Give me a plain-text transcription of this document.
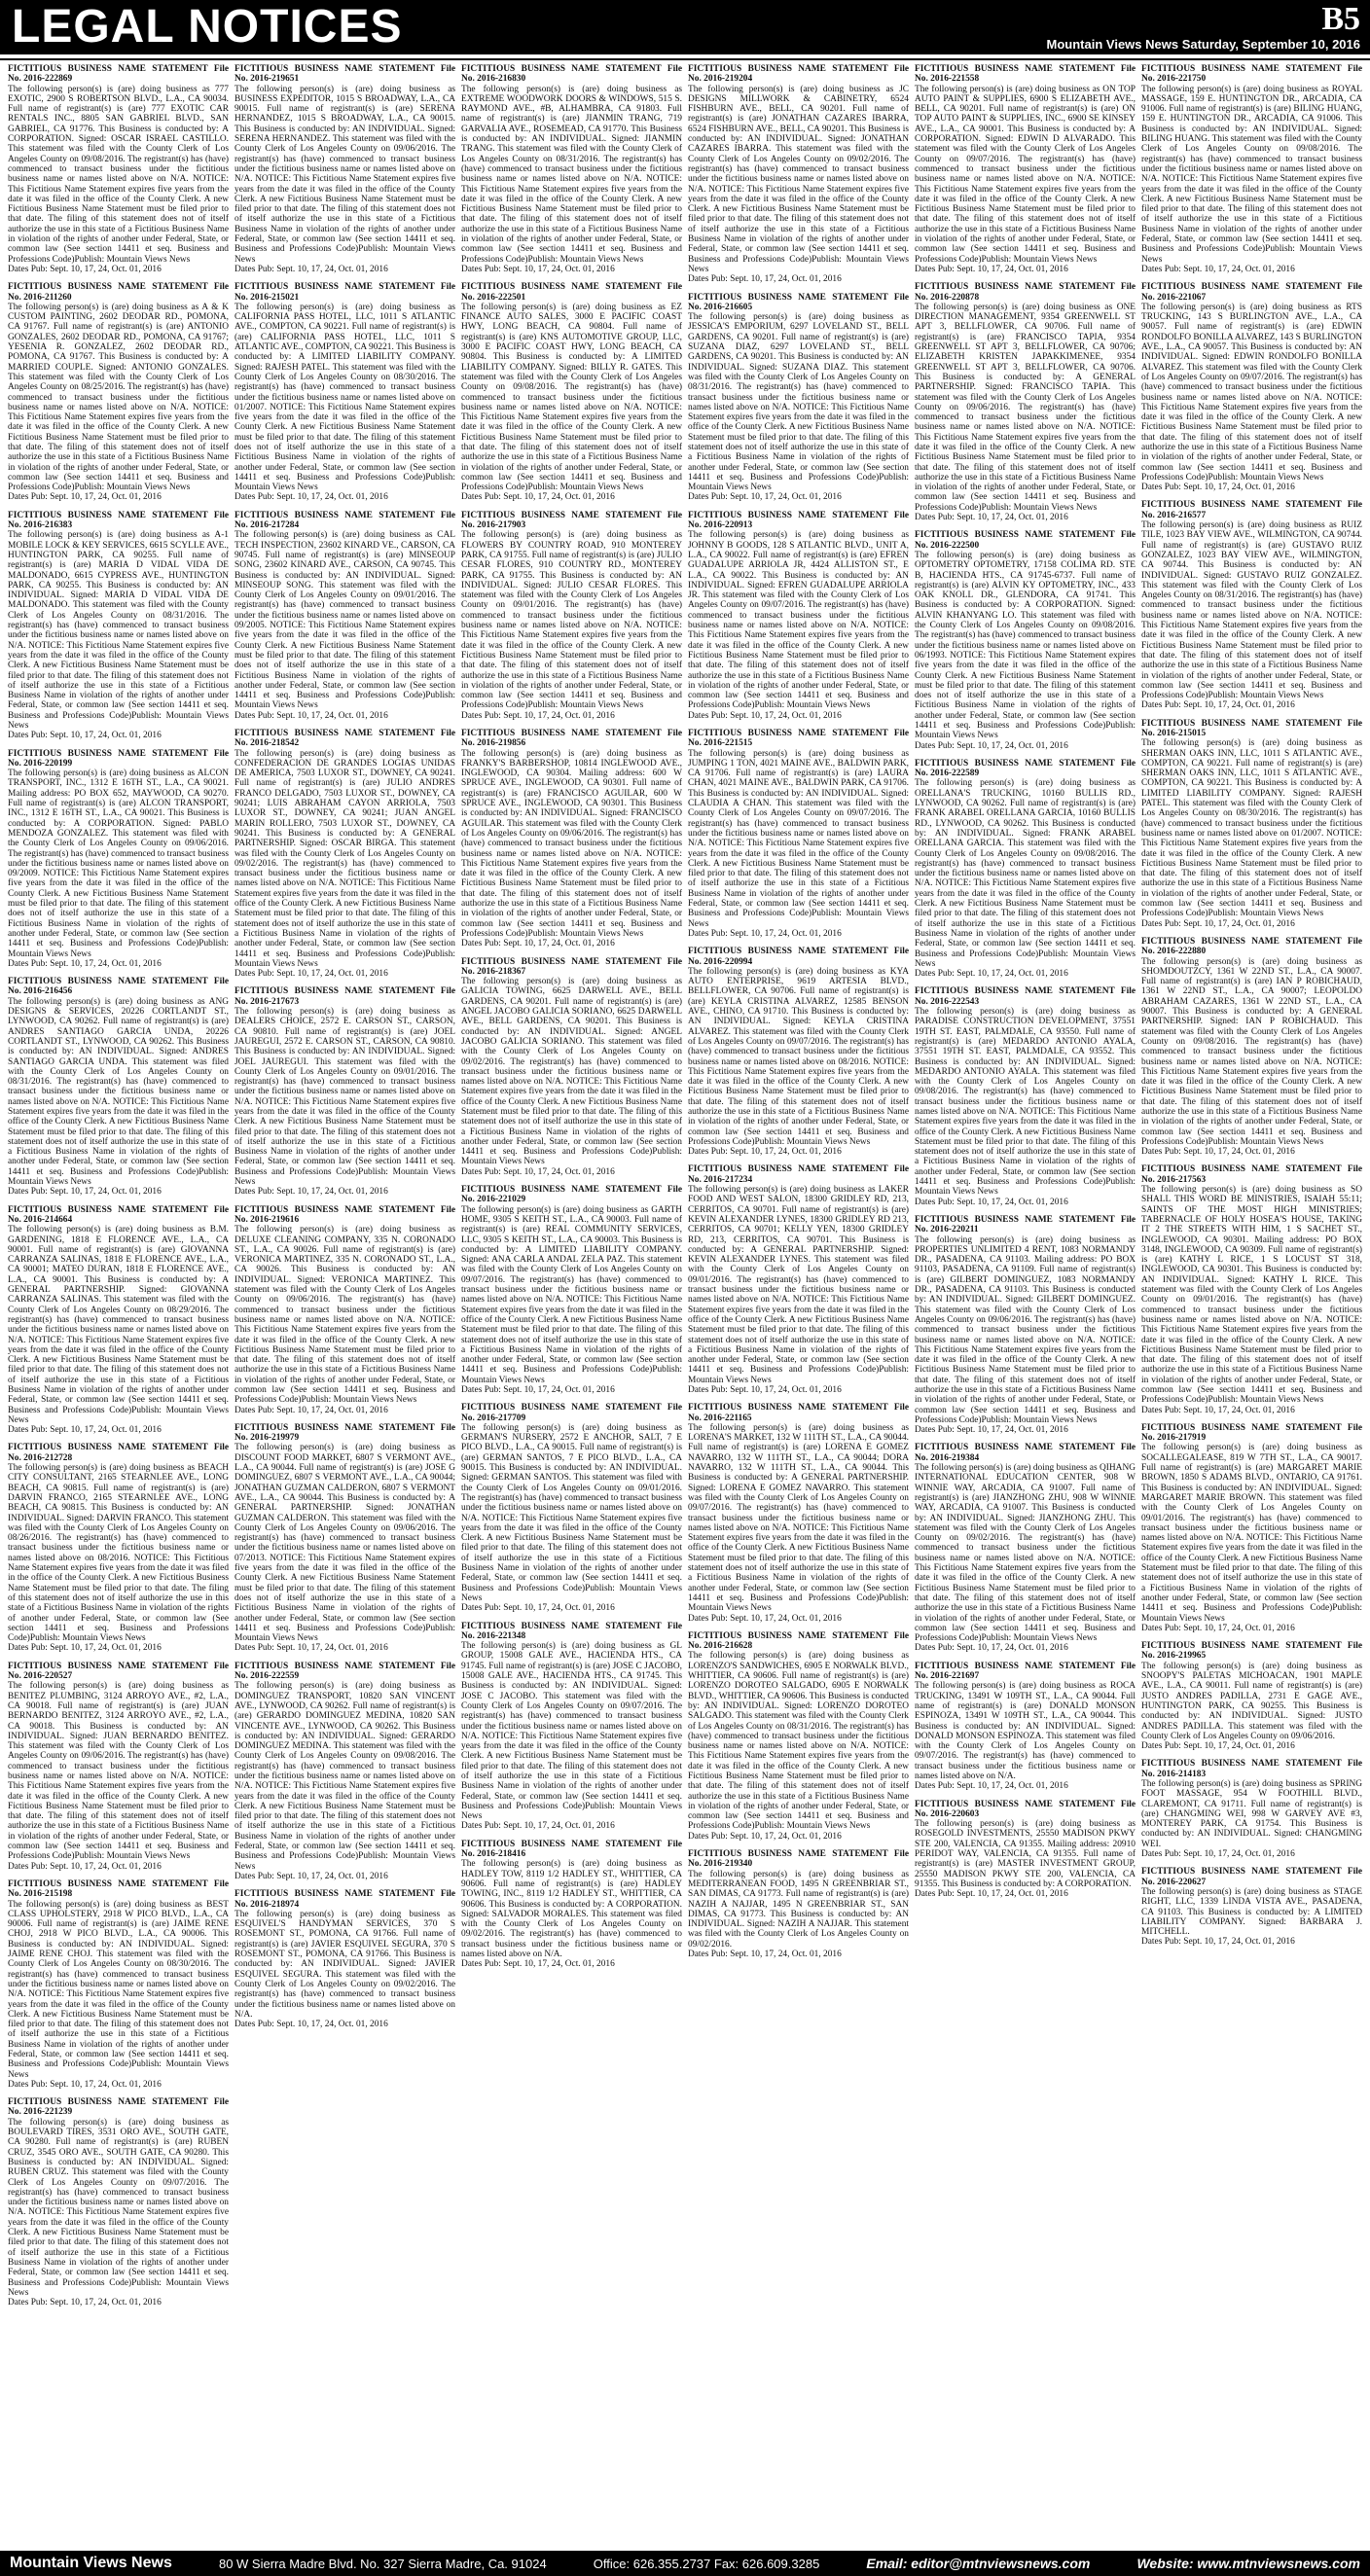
LEGAL NOTICES	B5
Mountain Views News Saturday, September 10, 2016
FICTITIOUS BUSINESS NAME STATEMENT File No. 2016-222869
The following person(s) is (are) doing business as 777 EXOTIC, 2900 S ROBERTSON BLVD., L.A., CA 90034. Full name of registrant(s) is (are) 777 EXOTIC CAR RENTALS INC., 8805 SAN GABRIEL BLVD., SAN GABRIEL, CA 91776. This Business is conducted by: A CORPORATION. Signed: OSCAR ISRAEL CASTILLO. This statement was filed with the County Clerk of Los Angeles County on 09/08/2016. The registrant(s) has (have) commenced to transact business under the fictitious business name or names listed above on N/A. NOTICE: This Fictitious Name Statement expires five years from the date it was filed in the office of the County Clerk. A new Fictitious Business Name Statement must be filed prior to that date. The filing of this statement does not of itself authorize the use in this state of a Fictitious Business Name in violation of the rights of another under Federal, State, or common law (See section 14411 et seq. Business and Professions Code)Publish: Mountain Views News
Dates Pub: Sept. 10, 17, 24, Oct. 01, 2016
FICTITIOUS BUSINESS NAME STATEMENT File No. 2016-211260
The following person(s) is (are) doing business as A & K CUSTOM PAINTING, 2602 DEODAR RD., POMONA, CA 91767. Full name of registrant(s) is (are) ANTONIO GONZALES, 2602 DEODAR RD., POMONA, CA 91767; YESENIA R. GONZALEZ, 2602 DEODAR RD., POMONA, CA 91767. This Business is conducted by: A MARRIED COUPLE. Signed: ANTONIO GONZALES. This statement was filed with the County Clerk of Los Angeles County on 08/25/2016. The registrant(s) has (have) commenced to transact business under the fictitious business name or names listed above on N/A. NOTICE: This Fictitious Name Statement expires five years from the date it was filed in the office of the County Clerk. A new Fictitious Business Name Statement must be filed prior to that date. The filing of this statement does not of itself authorize the use in this state of a Fictitious Business Name in violation of the rights of another under Federal, State, or common law (See section 14411 et seq. Business and Professions Code)Publish: Mountain Views News
Dates Pub: Sept. 10, 17, 24, Oct. 01, 2016
FICTITIOUS BUSINESS NAME STATEMENT File No. 2016-216383
The following person(s) is (are) doing business as A-1 MOBILE LOCK & KEY SERVICES, 6615 SCYLLE AVE., HUNTINGTON PARK, CA 90255. Full name of registrant(s) is (are) MARIA D VIDAL VIDA DE MALDONADO, 6615 CYPRESS AVE., HUNTINGTON PARK, CA 90255. This Business is conducted by: AN INDIVIDUAL. Signed: MARIA D VIDAL VIDA DE MALDONADO. This statement was filed with the County Clerk of Los Angeles County on 08/31/2016. The registrant(s) has (have) commenced to transact business under the fictitious business name or names listed above on N/A. NOTICE: This Fictitious Name Statement expires five years from the date it was filed in the office of the County Clerk. A new Fictitious Business Name Statement must be filed prior to that date. The filing of this statement does not of itself authorize the use in this state of a Fictitious Business Name in violation of the rights of another under Federal, State, or common law (See section 14411 et seq. Business and Professions Code)Publish: Mountain Views News
Dates Pub: Sept. 10, 17, 24, Oct. 01, 2016
FICTITIOUS BUSINESS NAME STATEMENT File No. 2016-220199
The following person(s) is (are) doing business as ALCON TRANSPORT, INC., 1312 E 16TH ST., L.A., CA 90021. Mailing address: PO BOX 652, MAYWOOD, CA 90270. Full name of registrant(s) is (are) ALCON TRANSPORT, INC., 1312 E 16TH ST., L.A., CA 90021. This Business is conducted by: A CORPORATION. Signed: PABLO MENDOZA GONZALEZ. This statement was filed with the County Clerk of Los Angeles County on 09/06/2016. The registrant(s) has (have) commenced to transact business under the fictitious business name or names listed above on 09/2009. NOTICE: This Fictitious Name Statement expires five years from the date it was filed in the office of the County Clerk. A new Fictitious Business Name Statement must be filed prior to that date. The filing of this statement does not of itself authorize the use in this state of a Fictitious Business Name in violation of the rights of another under Federal, State, or common law (See section 14411 et seq. Business and Professions Code)Publish: Mountain Views News
Dates Pub: Sept. 10, 17, 24, Oct. 01, 2016
FICTITIOUS BUSINESS NAME STATEMENT File No. 2016-216456
The following person(s) is (are) doing business as ANG DESIGNS & SERVICES, 20226 CORTLANDT ST., LYNWOOD, CA 90262. Full name of registrant(s) is (are) ANDRES SANTIAGO GARCIA UNDA, 20226 CORTLANDT ST., LYNWOOD, CA 90262. This Business is conducted by: AN INDIVIDUAL. Signed: ANDRES SANTIAGO GARCIA UNDA. This statement was filed with the County Clerk of Los Angeles County on 08/31/2016. The registrant(s) has (have) commenced to transact business under the fictitious business name or names listed above on N/A. NOTICE: This Fictitious Name Statement expires five years from the date it was filed in the office of the County Clerk. A new Fictitious Business Name Statement must be filed prior to that date. The filing of this statement does not of itself authorize the use in this state of a Fictitious Business Name in violation of the rights of another under Federal, State, or common law (See section 14411 et seq. Business and Professions Code)Publish: Mountain Views News
Dates Pub: Sept. 10, 17, 24, Oct. 01, 2016
FICTITIOUS BUSINESS NAME STATEMENT File No. 2016-214664
The following person(s) is (are) doing business as B.M. GARDENING, 1818 E FLORENCE AVE., L.A., CA 90001. Full name of registrant(s) is (are) GIOVANNA CARRANZA SALINAS, 1818 E FLORENCE AVE., L.A., CA 90001; MATEO DURAN, 1818 E FLORENCE AVE., L.A., CA 90001. This Business is conducted by: A GENERAL PARTNERSHIP. Signed: GIOVANNA CARRANZA SALINAS. This statement was filed with the County Clerk of Los Angeles County on 08/29/2016. The registrant(s) has (have) commenced to transact business under the fictitious business name or names listed above on N/A. NOTICE: This Fictitious Name Statement expires five years from the date it was filed in the office of the County Clerk. A new Fictitious Business Name Statement must be filed prior to that date. The filing of this statement does not of itself authorize the use in this state of a Fictitious Business Name in violation of the rights of another under Federal, State, or common law (See section 14411 et seq. Business and Professions Code)Publish: Mountain Views News
Dates Pub: Sept. 10, 17, 24, Oct. 01, 2016
FICTITIOUS BUSINESS NAME STATEMENT File No. 2016-212728
The following person(s) is (are) doing business as BEACH CITY CONSULTANT, 2165 STEARNLEE AVE., LONG BEACH, CA 90815. Full name of registrant(s) is (are) DARVIN FRANCO, 2165 STEARNLEE AVE., LONG BEACH, CA 90815. This Business is conducted by: AN INDIVIDUAL. Signed: DARVIN FRANCO. This statement was filed with the County Clerk of Los Angeles County on 08/26/2016. The registrant(s) has (have) commenced to transact business under the fictitious business name or names listed above on 08/2016. NOTICE: This Fictitious Name Statement expires five years from the date it was filed in the office of the County Clerk. A new Fictitious Business Name Statement must be filed prior to that date. The filing of this statement does not of itself authorize the use in this state of a Fictitious Business Name in violation of the rights of another under Federal, State, or common law (See section 14411 et seq. Business and Professions Code)Publish: Mountain Views News
Dates Pub: Sept. 10, 17, 24, Oct. 01, 2016
FICTITIOUS BUSINESS NAME STATEMENT File No. 2016-220527
The following person(s) is (are) doing business as BENITEZ PLUMBING, 3124 ARROYO AVE., #2, L.A., CA 90018. Full name of registrant(s) is (are) JUAN BERNARDO BENITEZ, 3124 ARROYO AVE., #2, L.A., CA 90018. This Business is conducted by: AN INDIVIDUAL. Signed: JUAN BERNARDO BENITEZ. This statement was filed with the County Clerk of Los Angeles County on 09/06/2016. The registrant(s) has (have) commenced to transact business under the fictitious business name or names listed above on N/A. NOTICE: This Fictitious Name Statement expires five years from the date it was filed in the office of the County Clerk. A new Fictitious Business Name Statement must be filed prior to that date. The filing of this statement does not of itself authorize the use in this state of a Fictitious Business Name in violation of the rights of another under Federal, State, or common law (See section 14411 et seq. Business and Professions Code)Publish: Mountain Views News
Dates Pub: Sept. 10, 17, 24, Oct. 01, 2016
FICTITIOUS BUSINESS NAME STATEMENT File No. 2016-215198
The following person(s) is (are) doing business as BEST CLASS UPHOLSTERY, 2918 W PICO BLVD., L.A., CA 90006. Full name of registrant(s) is (are) JAIME RENE CHOJ, 2918 W PICO BLVD., L.A., CA 90006. This Business is conducted by: AN INDIVIDUAL. Signed: JAIME RENE CHOJ. This statement was filed with the County Clerk of Los Angeles County on 08/30/2016. The registrant(s) has (have) commenced to transact business under the fictitious business name or names listed above on N/A. NOTICE: This Fictitious Name Statement expires five years from the date it was filed in the office of the County Clerk. A new Fictitious Business Name Statement must be filed prior to that date. The filing of this statement does not of itself authorize the use in this state of a Fictitious Business Name in violation of the rights of another under Federal, State, or common law (See section 14411 et seq. Business and Professions Code)Publish: Mountain Views News
Dates Pub: Sept. 10, 17, 24, Oct. 01, 2016
FICTITIOUS BUSINESS NAME STATEMENT File No. 2016-221239
The following person(s) is (are) doing business as BOULEVARD TIRES, 3531 ORO AVE., SOUTH GATE, CA 90280. Full name of registrant(s) is (are) RUBEN CRUZ, 3545 ORO AVE., SOUTH GATE, CA 90280. This Business is conducted by: AN INDIVIDUAL. Signed: RUBEN CRUZ. This statement was filed with the County Clerk of Los Angeles County on 09/07/2016. The registrant(s) has (have) commenced to transact business under the fictitious business name or names listed above on N/A. NOTICE: This Fictitious Name Statement expires five years from the date it was filed in the office of the County Clerk. A new Fictitious Business Name Statement must be filed prior to that date. The filing of this statement does not of itself authorize the use in this state of a Fictitious Business Name in violation of the rights of another under Federal, State, or common law (See section 14411 et seq. Business and Professions Code)Publish: Mountain Views News
Dates Pub: Sept. 10, 17, 24, Oct. 01, 2016
FICTITIOUS BUSINESS NAME STATEMENT File No. 2016-219651
The following person(s) is (are) doing business as BUSINESS EXPEDITOR, 1015 S BROADWAY, L.A., CA 90015. Full name of registrant(s) is (are) SERENA HERNANDEZ, 1015 S BROADWAY, L.A., CA 90015. This Business is conducted by: AN INDIVIDUAL. Signed: SERENA HERNANDEZ. This statement was filed with the County Clerk of Los Angeles County on 09/06/2016. The registrant(s) has (have) commenced to transact business under the fictitious business name or names listed above on N/A. NOTICE: This Fictitious Name Statement expires five years from the date it was filed in the office of the County Clerk. A new Fictitious Business Name Statement must be filed prior to that date. The filing of this statement does not of itself authorize the use in this state of a Fictitious Business Name in violation of the rights of another under Federal, State, or common law (See section 14411 et seq. Business and Professions Code)Publish: Mountain Views News
Dates Pub: Sept. 10, 17, 24, Oct. 01, 2016
FICTITIOUS BUSINESS NAME STATEMENT File No. 2016-215021
The following person(s) is (are) doing business as CALIFORNIA PASS HOTEL, LLC, 1011 S ATLANTIC AVE., COMPTON, CA 90221. Full name of registrant(s) is (are) CALIFORNIA PASS HOTEL, LLC, 1011 S ATLANTIC AVE., COMPTON, CA 90221. This Business is conducted by: A LIMITED LIABILITY COMPANY. Signed: RAJESH PATEL. This statement was filed with the County Clerk of Los Angeles County on 08/30/2016. The registrant(s) has (have) commenced to transact business under the fictitious business name or names listed above on 01/2007. NOTICE: This Fictitious Name Statement expires five years from the date it was filed in the office of the County Clerk. A new Fictitious Business Name Statement must be filed prior to that date. The filing of this statement does not of itself authorize the use in this state of a Fictitious Business Name in violation of the rights of another under Federal, State, or common law (See section 14411 et seq. Business and Professions Code)Publish: Mountain Views News
Dates Pub: Sept. 10, 17, 24, Oct. 01, 2016
FICTITIOUS BUSINESS NAME STATEMENT File No. 2016-217284
The following person(s) is (are) doing business as CAL TECH INSPECTION, 23602 KINARD VE., CARSON, CA 90745. Full name of registrant(s) is (are) MINSEOUP SONG, 23602 KINARD AVE., CARSON, CA 90745. This Business is conducted by: AN INDIVIDUAL. Signed: MINSEOUP SONG. This statement was filed with the County Clerk of Los Angeles County on 09/01/2016. The registrant(s) has (have) commenced to transact business under the fictitious business name or names listed above on 09/2005. NOTICE: This Fictitious Name Statement expires five years from the date it was filed in the office of the County Clerk. A new Fictitious Business Name Statement must be filed prior to that date. The filing of this statement does not of itself authorize the use in this state of a Fictitious Business Name in violation of the rights of another under Federal, State, or common law (See section 14411 et seq. Business and Professions Code)Publish: Mountain Views News
Dates Pub: Sept. 10, 17, 24, Oct. 01, 2016
FICTITIOUS BUSINESS NAME STATEMENT File No. 2016-218542
The following person(s) is (are) doing business as CONFEDERACION DE GRANDES LOGIAS UNIDAS DE AMERICA, 7503 LUXOR ST., DOWNEY, CA 90241. Full name of registrant(s) is (are) JULIO ANDRES FRANCO DELGADO, 7503 LUXOR ST., DOWNEY, CA 90241; LUIS ABRAHAM CAYON ARRIOLA, 7503 LUXOR ST., DOWNEY, CA 90241; JUAN ANGEL MARIN ROLLERO, 7503 LUXOR ST., DOWNEY, CA 90241. This Business is conducted by: A GENERAL PARTNERSHIP. Signed: OSCAR BIRGA. This statement was filed with the County Clerk of Los Angeles County on 09/02/2016. The registrant(s) has (have) commenced to transact business under the fictitious business name or names listed above on N/A. NOTICE: This Fictitious Name Statement expires five years from the date it was filed in the office of the County Clerk. A new Fictitious Business Name Statement must be filed prior to that date. The filing of this statement does not of itself authorize the use in this state of a Fictitious Business Name in violation of the rights of another under Federal, State, or common law (See section 14411 et seq. Business and Professions Code)Publish: Mountain Views News
Dates Pub: Sept. 10, 17, 24, Oct. 01, 2016
FICTITIOUS BUSINESS NAME STATEMENT File No. 2016-217673
The following person(s) is (are) doing business as DEALERS CHOICE, 2572 E. CARSON ST., CARSON, CA 90810. Full name of registrant(s) is (are) JOEL JAUREGUI, 2572 E. CARSON ST., CARSON, CA 90810. This Business is conducted by: AN INDIVIDUAL. Signed: JOEL JAUREGUI. This statement was filed with the County Clerk of Los Angeles County on 09/01/2016. The registrant(s) has (have) commenced to transact business under the fictitious business name or names listed above on N/A. NOTICE: This Fictitious Name Statement expires five years from the date it was filed in the office of the County Clerk. A new Fictitious Business Name Statement must be filed prior to that date. The filing of this statement does not of itself authorize the use in this state of a Fictitious Business Name in violation of the rights of another under Federal, State, or common law (See section 14411 et seq. Business and Professions Code)Publish: Mountain Views News
Dates Pub: Sept. 10, 17, 24, Oct. 01, 2016
FICTITIOUS BUSINESS NAME STATEMENT File No. 2016-219616
The following person(s) is (are) doing business as DELUXE CLEANING COMPANY, 335 N. CORONADO ST., L.A., CA 90026. Full name of registrant(s) is (are) VERONICA MARTINEZ, 335 N. CORONADO ST., L.A., CA 90026. This Business is conducted by: AN INDIVIDUAL. Signed: VERONICA MARTINEZ. This statement was filed with the County Clerk of Los Angeles County on 09/06/2016. The registrant(s) has (have) commenced to transact business under the fictitious business name or names listed above on N/A. NOTICE: This Fictitious Name Statement expires five years from the date it was filed in the office of the County Clerk. A new Fictitious Business Name Statement must be filed prior to that date. The filing of this statement does not of itself authorize the use in this state of a Fictitious Business Name in violation of the rights of another under Federal, State, or common law (See section 14411 et seq. Business and Professions Code)Publish: Mountain Views News
Dates Pub: Sept. 10, 17, 24, Oct. 01, 2016
FICTITIOUS BUSINESS NAME STATEMENT File No. 2016-219979
The following person(s) is (are) doing business as DISCOUNT FOOD MARKET, 6807 S VERMONT AVE., L.A., CA 90044. Full name of registrant(s) is (are) JOSE G DOMINGUEZ, 6807 S VERMONT AVE., L.A., CA 90044; JONATHAN GUZMAN CALDERON, 6807 S VERMONT AVE., L.A., CA 90044. This Business is conducted by: A GENERAL PARTNERSHIP. Signed: JONATHAN GUZMAN CALDERON. This statement was filed with the County Clerk of Los Angeles County on 09/06/2016. The registrant(s) has (have) commenced to transact business under the fictitious business name or names listed above on 07/2013. NOTICE: This Fictitious Name Statement expires five years from the date it was filed in the office of the County Clerk. A new Fictitious Business Name Statement must be filed prior to that date. The filing of this statement does not of itself authorize the use in this state of a Fictitious Business Name in violation of the rights of another under Federal, State, or common law (See section 14411 et seq. Business and Professions Code)Publish: Mountain Views News
Dates Pub: Sept. 10, 17, 24, Oct. 01, 2016
FICTITIOUS BUSINESS NAME STATEMENT File No. 2016-222559
The following person(s) is (are) doing business as DOMINGUEZ TRANSPORT, 10820 SAN VINCENT AVE., LYNWOOD, CA 90262. Full name of registrant(s) is (are) GERARDO DOMINGUEZ MEDINA, 10820 SAN VINCENTE AVE., LYNWOOD, CA 90262. This Business is conducted by: AN INDIVIDUAL. Signed: GERARDO DOMINGUEZ MEDINA. This statement was filed with the County Clerk of Los Angeles County on 09/08/2016. The registrant(s) has (have) commenced to transact business under the fictitious business name or names listed above on N/A. NOTICE: This Fictitious Name Statement expires five years from the date it was filed in the office of the County Clerk. A new Fictitious Business Name Statement must be filed prior to that date. The filing of this statement does not of itself authorize the use in this state of a Fictitious Business Name in violation of the rights of another under Federal, State, or common law (See section 14411 et seq. Business and Professions Code)Publish: Mountain Views News
Dates Pub: Sept. 10, 17, 24, Oct. 01, 2016
FICTITIOUS BUSINESS NAME STATEMENT File No. 2016-218974
The following person(s) is (are) doing business as ESQUIVEL'S HANDYMAN SERVICES, 370 S ROSEMONT ST., POMONA, CA 91766. Full name of registrant(s) is (are) JAVIER ESQUIVEL SEGURA, 370 S ROSEMONT ST., POMONA, CA 91766. This Business is conducted by: AN INDIVIDUAL. Signed: JAVIER ESQUIVEL SEGURA. This statement was filed with the County Clerk of Los Angeles County on 09/02/2016. The registrant(s) has (have) commenced to transact business under the fictitious business name or names listed above on N/A.
Dates Pub: Sept. 10, 17, 24, Oct. 01, 2016
FICTITIOUS BUSINESS NAME STATEMENT File No. 2016-216830
The following person(s) is (are) doing business as EXTREME WOODWORK DOORS & WINDOWS, 515 S. RAYMOND AVE., #B, ALHAMBRA, CA 91803. Full name of registrant(s) is (are) JIANMIN TRANG, 719 GARVALIA AVE., ROSEMEAD, CA 91770. This Business is conducted by: AN INDIVIDUAL. Signed: JIANMIN TRANG. This statement was filed with the County Clerk of Los Angeles County on 08/31/2016. The registrant(s) has (have) commenced to transact business under the fictitious business name or names listed above on N/A. NOTICE: This Fictitious Name Statement expires five years from the date it was filed in the office of the County Clerk. A new Fictitious Business Name Statement must be filed prior to that date. The filing of this statement does not of itself authorize the use in this state of a Fictitious Business Name in violation of the rights of another under Federal, State, or common law (See section 14411 et seq. Business and Professions Code)Publish: Mountain Views News
Dates Pub: Sept. 10, 17, 24, Oct. 01, 2016
FICTITIOUS BUSINESS NAME STATEMENT File No. 2016-222501
The following person(s) is (are) doing business as EZ FINANCE AUTO SALES, 3000 E PACIFIC COAST HWY, LONG BEACH, CA 90804. Full name of registrant(s) is (are) KNS AUTOMOTIVE GROUP, LLC, 3000 E PACIFIC COAST HWY, LONG BEACH, CA 90804. This Business is conducted by: A LIMITED LIABILITY COMPANY. Signed: BILLY R. GATES. This statement was filed with the County Clerk of Los Angeles County on 09/08/2016. The registrant(s) has (have) commenced to transact business under the fictitious business name or names listed above on N/A. NOTICE: This Fictitious Name Statement expires five years from the date it was filed in the office of the County Clerk. A new Fictitious Business Name Statement must be filed prior to that date. The filing of this statement does not of itself authorize the use in this state of a Fictitious Business Name in violation of the rights of another under Federal, State, or common law (See section 14411 et seq. Business and Professions Code)Publish: Mountain Views News
Dates Pub: Sept. 10, 17, 24, Oct. 01, 2016
FICTITIOUS BUSINESS NAME STATEMENT File No. 2016-217903
The following person(s) is (are) doing business as FLOWERS BY COUNTRY ROAD, 910 MONTEREY PARK, CA 91755. Full name of registrant(s) is (are) JULIO CESAR FLORES, 910 COUNTRY RD., MONTEREY PARK, CA 91755. This Business is conducted by: AN INDIVIDUAL. Signed: JULIO CESAR FLORES. This statement was filed with the County Clerk of Los Angeles County on 09/01/2016. The registrant(s) has (have) commenced to transact business under the fictitious business name or names listed above on N/A. NOTICE: This Fictitious Name Statement expires five years from the date it was filed in the office of the County Clerk. A new Fictitious Business Name Statement must be filed prior to that date. The filing of this statement does not of itself authorize the use in this state of a Fictitious Business Name in violation of the rights of another under Federal, State, or common law (See section 14411 et seq. Business and Professions Code)Publish: Mountain Views News
Dates Pub: Sept. 10, 17, 24, Oct. 01, 2016
FICTITIOUS BUSINESS NAME STATEMENT File No. 2016-219856
The following person(s) is (are) doing business as FRANKY'S BARBERSHOP, 10814 INGLEWOOD AVE., INGLEWOOD, CA 90304. Mailing address: 600 W SPRUCE AVE., INGLEWOOD, CA 90301. Full name of registrant(s) is (are) FRANCISCO AGUILAR, 600 W SPRUCE AVE., INGLEWOOD, CA 90301. This Business is conducted by: AN INDIVIDUAL. Signed: FRANCISCO AGUILAR. This statement was filed with the County Clerk of Los Angeles County on 09/06/2016. The registrant(s) has (have) commenced to transact business under the fictitious business name or names listed above on N/A. NOTICE: This Fictitious Name Statement expires five years from the date it was filed in the office of the County Clerk. A new Fictitious Business Name Statement must be filed prior to that date. The filing of this statement does not of itself authorize the use in this state of a Fictitious Business Name in violation of the rights of another under Federal, State, or common law (See section 14411 et seq. Business and Professions Code)Publish: Mountain Views News
Dates Pub: Sept. 10, 17, 24, Oct. 01, 2016
FICTITIOUS BUSINESS NAME STATEMENT File No. 2016-218367
The following person(s) is (are) doing business as GALICIA TOWING, 6625 DARWELL AVE., BELL GARDENS, CA 90201. Full name of registrant(s) is (are) ANGEL JACOBO GALICIA SORIANO, 6625 DARWELL AVE., BELL GARDENS, CA 90201. This Business is conducted by: AN INDIVIDUAL. Signed: ANGEL JACOBO GALICIA SORIANO. This statement was filed with the County Clerk of Los Angeles County on 09/02/2016. The registrant(s) has (have) commenced to transact business under the fictitious business name or names listed above on N/A. NOTICE: This Fictitious Name Statement expires five years from the date it was filed in the office of the County Clerk. A new Fictitious Business Name Statement must be filed prior to that date. The filing of this statement does not of itself authorize the use in this state of a Fictitious Business Name in violation of the rights of another under Federal, State, or common law (See section 14411 et seq. Business and Professions Code)Publish: Mountain Views News
Dates Pub: Sept. 10, 17, 24, Oct. 01, 2016
FICTITIOUS BUSINESS NAME STATEMENT File No. 2016-221029
The following person(s) is (are) doing business as GARTH HOME, 9305 S KEITH ST., L.A., CA 90003. Full name of registrant(s) is (are) REAL COMMUNITY SERVICES, LLC, 9305 S KEITH ST., L.A., CA 90003. This Business is conducted by: A LIMITED LIABILITY COMPANY. Signed: ANA CARLA ANDAL ZELA PAZ. This statement was filed with the County Clerk of Los Angeles County on 09/07/2016. The registrant(s) has (have) commenced to transact business under the fictitious business name or names listed above on N/A. NOTICE: This Fictitious Name Statement expires five years from the date it was filed in the office of the County Clerk. A new Fictitious Business Name Statement must be filed prior to that date. The filing of this statement does not of itself authorize the use in this state of a Fictitious Business Name in violation of the rights of another under Federal, State, or common law (See section 14411 et seq. Business and Professions Code)Publish: Mountain Views News
Dates Pub: Sept. 10, 17, 24, Oct. 01, 2016
FICTITIOUS BUSINESS NAME STATEMENT File No. 2016-217709
The following person(s) is (are) doing business as GERMAN'S NURSERY, 2572 E ANCHOR, SALT, 7 E PICO BLVD., L.A., CA 90015. Full name of registrant(s) is (are) GERMAN SANTOS, 7 E PICO BLVD., L.A., CA 90015. This Business is conducted by: AN INDIVIDUAL. Signed: GERMAN SANTOS. This statement was filed with the County Clerk of Los Angeles County on 09/01/2016. The registrant(s) has (have) commenced to transact business under the fictitious business name or names listed above on N/A. NOTICE: This Fictitious Name Statement expires five years from the date it was filed in the office of the County Clerk. A new Fictitious Business Name Statement must be filed prior to that date. The filing of this statement does not of itself authorize the use in this state of a Fictitious Business Name in violation of the rights of another under Federal, State, or common law (See section 14411 et seq. Business and Professions Code)Publish: Mountain Views News
Dates Pub: Sept. 10, 17, 24, Oct. 01, 2016
FICTITIOUS BUSINESS NAME STATEMENT File No. 2016-221348
The following person(s) is (are) doing business as GL GROUP, 15008 GALE AVE., HACIENDA HTS., CA 91745. Full name of registrant(s) is (are) JOSE C JACOBO, 15008 GALE AVE., HACIENDA HTS., CA 91745. This Business is conducted by: AN INDIVIDUAL. Signed: JOSE C JACOBO. This statement was filed with the County Clerk of Los Angeles County on 09/07/2016. The registrant(s) has (have) commenced to transact business under the fictitious business name or names listed above on N/A. NOTICE: This Fictitious Name Statement expires five years from the date it was filed in the office of the County Clerk. A new Fictitious Business Name Statement must be filed prior to that date. The filing of this statement does not of itself authorize the use in this state of a Fictitious Business Name in violation of the rights of another under Federal, State, or common law (See section 14411 et seq. Business and Professions Code)Publish: Mountain Views News
Dates Pub: Sept. 10, 17, 24, Oct. 01, 2016
FICTITIOUS BUSINESS NAME STATEMENT File No. 2016-218416
The following person(s) is (are) doing business as HADLEY TOW, 8119 1/2 HADLEY ST., WHITTIER, CA 90606. Full name of registrant(s) is (are) HADLEY TOWING, INC., 8119 1/2 HADLEY ST., WHITTIER, CA 90606. This Business is conducted by: A CORPORATION. Signed: SALVADOR MORALES. This statement was filed with the County Clerk of Los Angeles County on 09/02/2016. The registrant(s) has (have) commenced to transact business under the fictitious business name or names listed above on N/A.
Dates Pub: Sept. 10, 17, 24, Oct. 01, 2016
FICTITIOUS BUSINESS NAME STATEMENT File No. 2016-219204
The following person(s) is (are) doing business as JC DESIGNS MILLWORK & CABINETRY, 6524 FISHBURN AVE., BELL, CA 90201. Full name of registrant(s) is (are) JONATHAN CAZARES IBARRA, 6524 FISHBURN AVE., BELL, CA 90201. This Business is conducted by: AN INDIVIDUAL. Signed: JONATHAN CAZARES IBARRA. This statement was filed with the County Clerk of Los Angeles County on 09/02/2016. The registrant(s) has (have) commenced to transact business under the fictitious business name or names listed above on N/A. NOTICE: This Fictitious Name Statement expires five years from the date it was filed in the office of the County Clerk. A new Fictitious Business Name Statement must be filed prior to that date. The filing of this statement does not of itself authorize the use in this state of a Fictitious Business Name in violation of the rights of another under Federal, State, or common law (See section 14411 et seq. Business and Professions Code)Publish: Mountain Views News
Dates Pub: Sept. 10, 17, 24, Oct. 01, 2016
FICTITIOUS BUSINESS NAME STATEMENT File No. 2016-216605
The following person(s) is (are) doing business as JESSICA'S EMPORIUM, 6297 LOVELAND ST., BELL GARDENS, CA 90201. Full name of registrant(s) is (are) SUZANA DIAZ, 6297 LOVELAND ST., BELL GARDENS, CA 90201. This Business is conducted by: AN INDIVIDUAL. Signed: SUZANA DIAZ. This statement was filed with the County Clerk of Los Angeles County on 08/31/2016. The registrant(s) has (have) commenced to transact business under the fictitious business name or names listed above on N/A. NOTICE: This Fictitious Name Statement expires five years from the date it was filed in the office of the County Clerk. A new Fictitious Business Name Statement must be filed prior to that date. The filing of this statement does not of itself authorize the use in this state of a Fictitious Business Name in violation of the rights of another under Federal, State, or common law (See section 14411 et seq. Business and Professions Code)Publish: Mountain Views News
Dates Pub: Sept. 10, 17, 24, Oct. 01, 2016
FICTITIOUS BUSINESS NAME STATEMENT File No. 2016-220913
The following person(s) is (are) doing business as JOHNNY B GOODS, 128 S ATLANTIC BLVD., UNIT A, L.A., CA 90022. Full name of registrant(s) is (are) EFREN GUADALUPE ARRIOLA JR, 4424 ALLISTON ST., E L.A., CA 90022. This Business is conducted by: AN INDIVIDUAL. Signed: EFREN GUADALUPE ARRIOLA JR. This statement was filed with the County Clerk of Los Angeles County on 09/07/2016. The registrant(s) has (have) commenced to transact business under the fictitious business name or names listed above on N/A. NOTICE: This Fictitious Name Statement expires five years from the date it was filed in the office of the County Clerk. A new Fictitious Business Name Statement must be filed prior to that date. The filing of this statement does not of itself authorize the use in this state of a Fictitious Business Name in violation of the rights of another under Federal, State, or common law (See section 14411 et seq. Business and Professions Code)Publish: Mountain Views News
Dates Pub: Sept. 10, 17, 24, Oct. 01, 2016
FICTITIOUS BUSINESS NAME STATEMENT File No. 2016-221515
The following person(s) is (are) doing business as JUMPING 1 TON, 4021 MAINE AVE., BALDWIN PARK, CA 91706. Full name of registrant(s) is (are) LAURA CHAN, 4021 MAINE AVE., BALDWIN PARK, CA 91706. This Business is conducted by: AN INDIVIDUAL. Signed: CLAUDIA A CHAN. This statement was filed with the County Clerk of Los Angeles County on 09/07/2016. The registrant(s) has (have) commenced to transact business under the fictitious business name or names listed above on N/A. NOTICE: This Fictitious Name Statement expires five years from the date it was filed in the office of the County Clerk. A new Fictitious Business Name Statement must be filed prior to that date. The filing of this statement does not of itself authorize the use in this state of a Fictitious Business Name in violation of the rights of another under Federal, State, or common law (See section 14411 et seq. Business and Professions Code)Publish: Mountain Views News
Dates Pub: Sept. 10, 17, 24, Oct. 01, 2016
FICTITIOUS BUSINESS NAME STATEMENT File No. 2016-220994
The following person(s) is (are) doing business as KYA AUTO ENTERPRISE, 9619 ARTESIA BLVD., BELLFLOWER, CA 90706. Full name of registrant(s) is (are) KEYLA CRISTINA ALVAREZ, 12585 BENSON AVE., CHINO, CA 91710. This Business is conducted by: AN INDIVIDUAL. Signed: KEYLA CRISTINA ALVAREZ. This statement was filed with the County Clerk of Los Angeles County on 09/07/2016. The registrant(s) has (have) commenced to transact business under the fictitious business name or names listed above on 08/2016. NOTICE: This Fictitious Name Statement expires five years from the date it was filed in the office of the County Clerk. A new Fictitious Business Name Statement must be filed prior to that date. The filing of this statement does not of itself authorize the use in this state of a Fictitious Business Name in violation of the rights of another under Federal, State, or common law (See section 14411 et seq. Business and Professions Code)Publish: Mountain Views News
Dates Pub: Sept. 10, 17, 24, Oct. 01, 2016
FICTITIOUS BUSINESS NAME STATEMENT File No. 2016-217234
The following person(s) is (are) doing business as LAKER FOOD AND WEST SALON, 18300 GRIDLEY RD, 213, CERRITOS, CA 90701. Full name of registrant(s) is (are) KEVIN ALEXANDER LYNES, 18300 GRIDLEY RD 213, CERRITOS, CA 90701; KELLY YEN, 18300 GRIDLEY RD, 213, CERRITOS, CA 90701. This Business is conducted by: A GENERAL PARTNERSHIP. Signed: KEVIN ALEXANDER LYNES. This statement was filed with the County Clerk of Los Angeles County on 09/01/2016. The registrant(s) has (have) commenced to transact business under the fictitious business name or names listed above on N/A. NOTICE: This Fictitious Name Statement expires five years from the date it was filed in the office of the County Clerk. A new Fictitious Business Name Statement must be filed prior to that date. The filing of this statement does not of itself authorize the use in this state of a Fictitious Business Name in violation of the rights of another under Federal, State, or common law (See section 14411 et seq. Business and Professions Code)Publish: Mountain Views News
Dates Pub: Sept. 10, 17, 24, Oct. 01, 2016
FICTITIOUS BUSINESS NAME STATEMENT File No. 2016-221165
The following person(s) is (are) doing business as LORENA'S MARKET, 132 W 111TH ST., L.A., CA 90044. Full name of registrant(s) is (are) LORENA E GOMEZ NAVARRO, 132 W 111TH ST., L.A., CA 90044; DORA NAVARRO, 132 W 111TH ST., L.A., CA 90044. This Business is conducted by: A GENERAL PARTNERSHIP. Signed: LORENA E GOMEZ NAVARRO. This statement was filed with the County Clerk of Los Angeles County on 09/07/2016. The registrant(s) has (have) commenced to transact business under the fictitious business name or names listed above on N/A. NOTICE: This Fictitious Name Statement expires five years from the date it was filed in the office of the County Clerk. A new Fictitious Business Name Statement must be filed prior to that date. The filing of this statement does not of itself authorize the use in this state of a Fictitious Business Name in violation of the rights of another under Federal, State, or common law (See section 14411 et seq. Business and Professions Code)Publish: Mountain Views News
Dates Pub: Sept. 10, 17, 24, Oct. 01, 2016
FICTITIOUS BUSINESS NAME STATEMENT File No. 2016-216628
The following person(s) is (are) doing business as LORENZO'S SANDWICHES, 6905 E NORWALK BLVD., WHITTIER, CA 90606. Full name of registrant(s) is (are) LORENZO DOROTEO SALGADO, 6905 E NORWALK BLVD., WHITTIER, CA 90606. This Business is conducted by: AN INDIVIDUAL. Signed: LORENZO DOROTEO SALGADO. This statement was filed with the County Clerk of Los Angeles County on 08/31/2016. The registrant(s) has (have) commenced to transact business under the fictitious business name or names listed above on N/A. NOTICE: This Fictitious Name Statement expires five years from the date it was filed in the office of the County Clerk. A new Fictitious Business Name Statement must be filed prior to that date. The filing of this statement does not of itself authorize the use in this state of a Fictitious Business Name in violation of the rights of another under Federal, State, or common law (See section 14411 et seq. Business and Professions Code)Publish: Mountain Views News
Dates Pub: Sept. 10, 17, 24, Oct. 01, 2016
FICTITIOUS BUSINESS NAME STATEMENT File No. 2016-219340
The following person(s) is (are) doing business as MEDITERRANEAN FOOD, 1495 N GREENBRIAR ST., SAN DIMAS, CA 91773. Full name of registrant(s) is (are) NAZIH A NAJJAR, 1495 N GREENBRIAR ST., SAN DIMAS, CA 91773. This Business is conducted by: AN INDIVIDUAL. Signed: NAZIH A NAJJAR. This statement was filed with the County Clerk of Los Angeles County on 09/02/2016.
Dates Pub: Sept. 10, 17, 24, Oct. 01, 2016
FICTITIOUS BUSINESS NAME STATEMENT File No. 2016-221558
The following person(s) is (are) doing business as ON TOP AUTO PAINT & SUPPLIES, 6900 S ELIZABETH AVE., BELL, CA 90201. Full name of registrant(s) is (are) ON TOP AUTO PAINT & SUPPLIES, INC., 6900 SE KINSEY AVE., L.A., CA 90001. This Business is conducted by: A CORPORATION. Signed: EDWIN D ALVARADO. This statement was filed with the County Clerk of Los Angeles County on 09/07/2016. The registrant(s) has (have) commenced to transact business under the fictitious business name or names listed above on N/A. NOTICE: This Fictitious Name Statement expires five years from the date it was filed in the office of the County Clerk. A new Fictitious Business Name Statement must be filed prior to that date. The filing of this statement does not of itself authorize the use in this state of a Fictitious Business Name in violation of the rights of another under Federal, State, or common law (See section 14411 et seq. Business and Professions Code)Publish: Mountain Views News
Dates Pub: Sept. 10, 17, 24, Oct. 01, 2016
FICTITIOUS BUSINESS NAME STATEMENT File No. 2016-220878
The following person(s) is (are) doing business as ONE DIRECTION MANAGEMENT, 9354 GREENWELL ST APT 3, BELLFLOWER, CA 90706. Full name of registrant(s) is (are) FRANCISCO TAPIA, 9354 GREENWELL ST APT 3, BELLFLOWER, CA 90706; ELIZABETH KRISTEN JAPAKKIMENEE, 9354 GREENWELL ST APT 3, BELLFLOWER, CA 90706. This Business is conducted by: A GENERAL PARTNERSHIP. Signed: FRANCISCO TAPIA. This statement was filed with the County Clerk of Los Angeles County on 09/06/2016. The registrant(s) has (have) commenced to transact business under the fictitious business name or names listed above on N/A. NOTICE: This Fictitious Name Statement expires five years from the date it was filed in the office of the County Clerk. A new Fictitious Business Name Statement must be filed prior to that date. The filing of this statement does not of itself authorize the use in this state of a Fictitious Business Name in violation of the rights of another under Federal, State, or common law (See section 14411 et seq. Business and Professions Code)Publish: Mountain Views News
Dates Pub: Sept. 10, 17, 24, Oct. 01, 2016
FICTITIOUS BUSINESS NAME STATEMENT File No. 2016-222500
The following person(s) is (are) doing business as OPTOMETRY OPTOMETRY, 17158 COLIMA RD. STE B, HACIENDA HTS., CA 91745-6737. Full name of registrant(s) is (are) ALVIN KY OPTOMETRY, INC., 433 OAK KNOLL DR., GLENDORA, CA 91741. This Business is conducted by: A CORPORATION. Signed: ALVIN KHANYANG LO. This statement was filed with the County Clerk of Los Angeles County on 09/08/2016. The registrant(s) has (have) commenced to transact business under the fictitious business name or names listed above on 06/1993. NOTICE: This Fictitious Name Statement expires five years from the date it was filed in the office of the County Clerk. A new Fictitious Business Name Statement must be filed prior to that date. The filing of this statement does not of itself authorize the use in this state of a Fictitious Business Name in violation of the rights of another under Federal, State, or common law (See section 14411 et seq. Business and Professions Code)Publish: Mountain Views News
Dates Pub: Sept. 10, 17, 24, Oct. 01, 2016
FICTITIOUS BUSINESS NAME STATEMENT File No. 2016-222589
The following person(s) is (are) doing business as ORELLANA'S TRUCKING, 10160 BULLIS RD., LYNWOOD, CA 90262. Full name of registrant(s) is (are) FRANK ARABEL ORELLANA GARCIA, 10160 BULLIS RD., LYNWOOD, CA 90262. This Business is conducted by: AN INDIVIDUAL. Signed: FRANK ARABEL ORELLANA GARCIA. This statement was filed with the County Clerk of Los Angeles County on 09/08/2016. The registrant(s) has (have) commenced to transact business under the fictitious business name or names listed above on N/A. NOTICE: This Fictitious Name Statement expires five years from the date it was filed in the office of the County Clerk. A new Fictitious Business Name Statement must be filed prior to that date. The filing of this statement does not of itself authorize the use in this state of a Fictitious Business Name in violation of the rights of another under Federal, State, or common law (See section 14411 et seq. Business and Professions Code)Publish: Mountain Views News
Dates Pub: Sept. 10, 17, 24, Oct. 01, 2016
FICTITIOUS BUSINESS NAME STATEMENT File No. 2016-222543
The following person(s) is (are) doing business as PARADISE CONSTRUCTION DEVELOPMENT, 37551 19TH ST. EAST, PALMDALE, CA 93550. Full name of registrant(s) is (are) MEDARDO ANTONIO AYALA, 37551 19TH ST. EAST, PALMDALE, CA 93552. This Business is conducted by: AN INDIVIDUAL. Signed: MEDARDO ANTONIO AYALA. This statement was filed with the County Clerk of Los Angeles County on 09/08/2016. The registrant(s) has (have) commenced to transact business under the fictitious business name or names listed above on N/A. NOTICE: This Fictitious Name Statement expires five years from the date it was filed in the office of the County Clerk. A new Fictitious Business Name Statement must be filed prior to that date. The filing of this statement does not of itself authorize the use in this state of a Fictitious Business Name in violation of the rights of another under Federal, State, or common law (See section 14411 et seq. Business and Professions Code)Publish: Mountain Views News
Dates Pub: Sept. 10, 17, 24, Oct. 01, 2016
FICTITIOUS BUSINESS NAME STATEMENT File No. 2016-220211
The following person(s) is (are) doing business as PROPERTIES UNLIMITED 4 RENT, 1083 NORMANDY DR., PASADENA, CA 91103. Mailing address: PO BOX 91103, PASADENA, CA 91109. Full name of registrant(s) is (are) GILBERT DOMINGUEZ, 1083 NORMANDY DR., PASADENA, CA 91103. This Business is conducted by: AN INDIVIDUAL. Signed: GILBERT DOMINGUEZ. This statement was filed with the County Clerk of Los Angeles County on 09/06/2016. The registrant(s) has (have) commenced to transact business under the fictitious business name or names listed above on N/A. NOTICE: This Fictitious Name Statement expires five years from the date it was filed in the office of the County Clerk. A new Fictitious Business Name Statement must be filed prior to that date. The filing of this statement does not of itself authorize the use in this state of a Fictitious Business Name in violation of the rights of another under Federal, State, or common law (See section 14411 et seq. Business and Professions Code)Publish: Mountain Views News
Dates Pub: Sept. 10, 17, 24, Oct. 01, 2016
FICTITIOUS BUSINESS NAME STATEMENT File No. 2016-219384
The following person(s) is (are) doing business as QIHANG INTERNATIONAL EDUCATION CENTER, 908 W WINNIE WAY, ARCADIA, CA 91007. Full name of registrant(s) is (are) JIANZHONG ZHU, 908 W WINNIE WAY, ARCADIA, CA 91007. This Business is conducted by: AN INDIVIDUAL. Signed: JIANZHONG ZHU. This statement was filed with the County Clerk of Los Angeles County on 09/02/2016. The registrant(s) has (have) commenced to transact business under the fictitious business name or names listed above on N/A. NOTICE: This Fictitious Name Statement expires five years from the date it was filed in the office of the County Clerk. A new Fictitious Business Name Statement must be filed prior to that date. The filing of this statement does not of itself authorize the use in this state of a Fictitious Business Name in violation of the rights of another under Federal, State, or common law (See section 14411 et seq. Business and Professions Code)Publish: Mountain Views News
Dates Pub: Sept. 10, 17, 24, Oct. 01, 2016
FICTITIOUS BUSINESS NAME STATEMENT File No. 2016-221697
The following person(s) is (are) doing business as ROCA TRUCKING, 13491 W 109TH ST., L.A., CA 90044. Full name of registrant(s) is (are) DONALD MONSON ESPINOZA, 13491 W 109TH ST., L.A., CA 90044. This Business is conducted by: AN INDIVIDUAL. Signed: DONALD MONSON ESPINOZA. This statement was filed with the County Clerk of Los Angeles County on 09/07/2016. The registrant(s) has (have) commenced to transact business under the fictitious business name or names listed above on N/A.
Dates Pub: Sept. 10, 17, 24, Oct. 01, 2016
FICTITIOUS BUSINESS NAME STATEMENT File No. 2016-220603
The following person(s) is (are) doing business as ROSEGOLD INVESTMENTS, 25550 MADISON PKWY STE 200, VALENCIA, CA 91355. Mailing address: 20910 PERIDOT WAY, VALENCIA, CA 91355. Full name of registrant(s) is (are) MASTER INVESTMENT GROUP, 25550 MADISON PKWY STE 200, VALENCIA, CA 91355. This Business is conducted by: A CORPORATION.
Dates Pub: Sept. 10, 17, 24, Oct. 01, 2016
FICTITIOUS BUSINESS NAME STATEMENT File No. 2016-221750
The following person(s) is (are) doing business as ROYAL MASSAGE, 159 E. HUNTINGTON DR., ARCADIA, CA 91006. Full name of registrant(s) is (are) BILING HUANG, 159 E. HUNTINGTON DR., ARCADIA, CA 91006. This Business is conducted by: AN INDIVIDUAL. Signed: BILING HUANG. This statement was filed with the County Clerk of Los Angeles County on 09/08/2016. The registrant(s) has (have) commenced to transact business under the fictitious business name or names listed above on N/A. NOTICE: This Fictitious Name Statement expires five years from the date it was filed in the office of the County Clerk. A new Fictitious Business Name Statement must be filed prior to that date. The filing of this statement does not of itself authorize the use in this state of a Fictitious Business Name in violation of the rights of another under Federal, State, or common law (See section 14411 et seq. Business and Professions Code)Publish: Mountain Views News
Dates Pub: Sept. 10, 17, 24, Oct. 01, 2016
FICTITIOUS BUSINESS NAME STATEMENT File No. 2016-221067
The following person(s) is (are) doing business as RTS TRUCKING, 143 S BURLINGTON AVE., L.A., CA 90057. Full name of registrant(s) is (are) EDWIN RONDOLFO BONILLA ALVAREZ, 143 S BURLINGTON AVE., L.A., CA 90057. This Business is conducted by: AN INDIVIDUAL. Signed: EDWIN RONDOLFO BONILLA ALVAREZ. This statement was filed with the County Clerk of Los Angeles County on 09/07/2016. The registrant(s) has (have) commenced to transact business under the fictitious business name or names listed above on N/A. NOTICE: This Fictitious Name Statement expires five years from the date it was filed in the office of the County Clerk. A new Fictitious Business Name Statement must be filed prior to that date. The filing of this statement does not of itself authorize the use in this state of a Fictitious Business Name in violation of the rights of another under Federal, State, or common law (See section 14411 et seq. Business and Professions Code)Publish: Mountain Views News
Dates Pub: Sept. 10, 17, 24, Oct. 01, 2016
FICTITIOUS BUSINESS NAME STATEMENT File No. 2016-216577
The following person(s) is (are) doing business as RUIZ TILE, 1023 BAY VIEW AVE., WILMINGTON, CA 90744. Full name of registrant(s) is (are) GUSTAVO RUIZ GONZALEZ, 1023 BAY VIEW AVE., WILMINGTON, CA 90744. This Business is conducted by: AN INDIVIDUAL. Signed: GUSTAVO RUIZ GONZALEZ. This statement was filed with the County Clerk of Los Angeles County on 08/31/2016. The registrant(s) has (have) commenced to transact business under the fictitious business name or names listed above on N/A. NOTICE: This Fictitious Name Statement expires five years from the date it was filed in the office of the County Clerk. A new Fictitious Business Name Statement must be filed prior to that date. The filing of this statement does not of itself authorize the use in this state of a Fictitious Business Name in violation of the rights of another under Federal, State, or common law (See section 14411 et seq. Business and Professions Code)Publish: Mountain Views News
Dates Pub: Sept. 10, 17, 24, Oct. 01, 2016
FICTITIOUS BUSINESS NAME STATEMENT File No. 2016-215015
The following person(s) is (are) doing business as SHERMAN OAKS INN, LLC, 1011 S ATLANTIC AVE., COMPTON, CA 90221. Full name of registrant(s) is (are) SHERMAN OAKS INN, LLC, 1011 S ATLANTIC AVE., COMPTON, CA 90221. This Business is conducted by: A LIMITED LIABILITY COMPANY. Signed: RAJESH PATEL. This statement was filed with the County Clerk of Los Angeles County on 08/30/2016. The registrant(s) has (have) commenced to transact business under the fictitious business name or names listed above on 01/2007. NOTICE: This Fictitious Name Statement expires five years from the date it was filed in the office of the County Clerk. A new Fictitious Business Name Statement must be filed prior to that date. The filing of this statement does not of itself authorize the use in this state of a Fictitious Business Name in violation of the rights of another under Federal, State, or common law (See section 14411 et seq. Business and Professions Code)Publish: Mountain Views News
Dates Pub: Sept. 10, 17, 24, Oct. 01, 2016
FICTITIOUS BUSINESS NAME STATEMENT File No. 2016-222880
The following person(s) is (are) doing business as SHOMDOUTZCY, 1361 W 22ND ST., L.A., CA 90007. Full name of registrant(s) is (are) IAN P ROBICHAUD, 1361 W 22ND ST., L.A., CA 90007; LEOPOLDO ABRAHAM CAZARES, 1361 W 22ND ST., L.A., CA 90007. This Business is conducted by: A GENERAL PARTNERSHIP. Signed: IAN P ROBICHAUD. This statement was filed with the County Clerk of Los Angeles County on 09/08/2016. The registrant(s) has (have) commenced to transact business under the fictitious business name or names listed above on N/A. NOTICE: This Fictitious Name Statement expires five years from the date it was filed in the office of the County Clerk. A new Fictitious Business Name Statement must be filed prior to that date. The filing of this statement does not of itself authorize the use in this state of a Fictitious Business Name in violation of the rights of another under Federal, State, or common law (See section 14411 et seq. Business and Professions Code)Publish: Mountain Views News
Dates Pub: Sept. 10, 17, 24, Oct. 01, 2016
FICTITIOUS BUSINESS NAME STATEMENT File No. 2016-217563
The following person(s) is (are) doing business as SO SHALL THIS WORD BE MINISTRIES, ISAIAH 55:11; SAINTS OF THE MOST HIGH MINISTRIES; TABERNACLE OF HOLY HOSEA'S HOUSE, TAKING IT 2 THE STREETS WITH HIM, 1 S SACHET ST., INGLEWOOD, CA 90301. Mailing address: PO BOX 3148, INGLEWOOD, CA 90309. Full name of registrant(s) is (are) KATHY L RICE, 1 S LOCUST ST 318, INGLEWOOD, CA 90301. This Business is conducted by: AN INDIVIDUAL. Signed: KATHY L RICE. This statement was filed with the County Clerk of Los Angeles County on 09/01/2016. The registrant(s) has (have) commenced to transact business under the fictitious business name or names listed above on N/A. NOTICE: This Fictitious Name Statement expires five years from the date it was filed in the office of the County Clerk. A new Fictitious Business Name Statement must be filed prior to that date. The filing of this statement does not of itself authorize the use in this state of a Fictitious Business Name in violation of the rights of another under Federal, State, or common law (See section 14411 et seq. Business and Professions Code)Publish: Mountain Views News
Dates Pub: Sept. 10, 17, 24, Oct. 01, 2016
FICTITIOUS BUSINESS NAME STATEMENT File No. 2016-217919
The following person(s) is (are) doing business as SOCALLEGALEASE, 819 W 7TH ST., L.A., CA 90017. Full name of registrant(s) is (are) MARGARET MARIE BROWN, 1850 S ADAMS BLVD., ONTARIO, CA 91761. This Business is conducted by: AN INDIVIDUAL. Signed: MARGARET MARIE BROWN. This statement was filed with the County Clerk of Los Angeles County on 09/01/2016. The registrant(s) has (have) commenced to transact business under the fictitious business name or names listed above on N/A. NOTICE: This Fictitious Name Statement expires five years from the date it was filed in the office of the County Clerk. A new Fictitious Business Name Statement must be filed prior to that date. The filing of this statement does not of itself authorize the use in this state of a Fictitious Business Name in violation of the rights of another under Federal, State, or common law (See section 14411 et seq. Business and Professions Code)Publish: Mountain Views News
Dates Pub: Sept. 10, 17, 24, Oct. 01, 2016
FICTITIOUS BUSINESS NAME STATEMENT File No. 2016-219965
The following person(s) is (are) doing business as SNOOPY'S PALETAS MICHOACAN, 1901 MAPLE AVE., L.A., CA 90011. Full name of registrant(s) is (are) JUSTO ANDRES PADILLA, 2731 E GAGE AVE., HUNTINGTON PARK, CA 90255. This Business is conducted by: AN INDIVIDUAL. Signed: JUSTO ANDRES PADILLA. This statement was filed with the County Clerk of Los Angeles County on 09/06/2016.
Dates Pub: Sept. 10, 17, 24, Oct. 01, 2016
FICTITIOUS BUSINESS NAME STATEMENT File No. 2016-214183
The following person(s) is (are) doing business as SPRING FOOT MASSAGE, 954 W FOOTHILL BLVD., CLAREMONT, CA 91711. Full name of registrant(s) is (are) CHANGMING WEI, 998 W GARVEY AVE #3, MONTEREY PARK, CA 91754. This Business is conducted by: AN INDIVIDUAL. Signed: CHANGMING WEI.
Dates Pub: Sept. 10, 17, 24, Oct. 01, 2016
FICTITIOUS BUSINESS NAME STATEMENT File No. 2016-220627
The following person(s) is (are) doing business as STAGE RIGHT, LLC, 1339 LINDA VISTA AVE., PASADENA, CA 91103. This Business is conducted by: A LIMITED LIABILITY COMPANY. Signed: BARBARA J. MITCHELL.
Dates Pub: Sept. 10, 17, 24, Oct. 01, 2016
Mountain Views News	80 W Sierra Madre Blvd. No. 327 Sierra Madre, Ca. 91024	Office: 626.355.2737 Fax: 626.609.3285	Email: editor@mtnviewsnews.com	Website: www.mtnviewsnews.com
